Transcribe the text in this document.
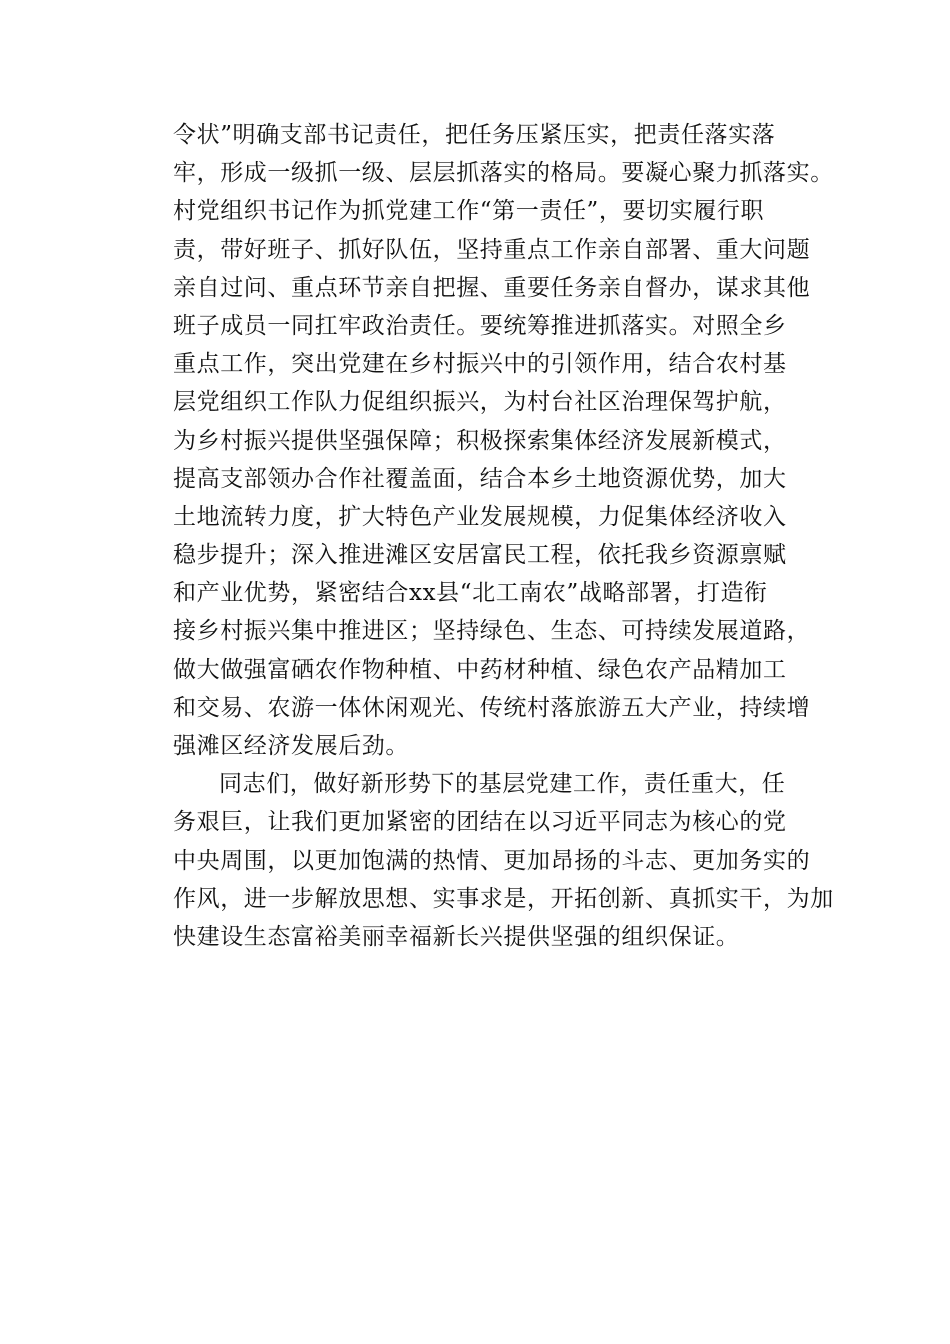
令状”明确支部书记责任，把任务压紧压实，把责任落实落
牢，形成一级抓一级、层层抓落实的格局。要凝心聚力抓落实。
村党组织书记作为抓党建工作“第一责任”，要切实履行职
责，带好班子、抓好队伍，坚持重点工作亲自部署、重大问题
亲自过问、重点环节亲自把握、重要任务亲自督办，谋求其他
班子成员一同扛牢政治责任。要统筹推进抓落实。对照全乡
重点工作，突出党建在乡村振兴中的引领作用，结合农村基
层党组织工作队力促组织振兴，为村台社区治理保驾护航，
为乡村振兴提供坚强保障；积极探索集体经济发展新模式，
提高支部领办合作社覆盖面，结合本乡土地资源优势，加大
土地流转力度，扩大特色产业发展规模，力促集体经济收入
稳步提升；深入推进滩区安居富民工程，依托我乡资源禀赋
和产业优势，紧密结合xx县“北工南农”战略部署，打造衔
接乡村振兴集中推进区；坚持绿色、生态、可持续发展道路，
做大做强富硒农作物种植、中药材种植、绿色农产品精加工
和交易、农游一体休闲观光、传统村落旅游五大产业，持续增
强滩区经济发展后劲。
同志们，做好新形势下的基层党建工作，责任重大，任
务艰巨，让我们更加紧密的团结在以习近平同志为核心的党
中央周围，以更加饱满的热情、更加昂扬的斗志、更加务实的
作风，进一步解放思想、实事求是，开拓创新、真抓实干，为加
快建设生态富裕美丽幸福新长兴提供坚强的组织保证。
